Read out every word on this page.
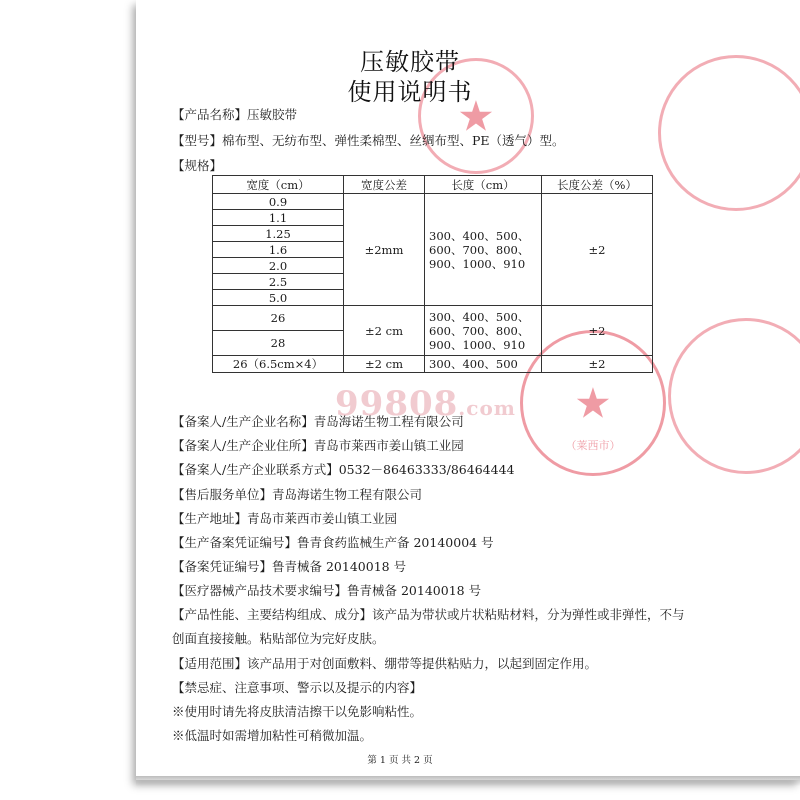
★
★
（莱西市）
压敏胶带
使用说明书
【产品名称】压敏胶带
【型号】棉布型、无纺布型、弹性柔棉型、丝绸布型、PE（透气）型。
【规格】
宽度（cm）	宽度公差	长度（cm）	长度公差（%）
0.9	±2mm	300、400、500、600、700、800、900、1000、910	±2
1.1			
1.25			
1.6			
2.0			
2.5			
5.0			
26	±2 cm	300、400、500、600、700、800、900、1000、910	±2
28			
26（6.5cm×4）	±2 cm	300、400、500	±2
99808.com
【备案人/生产企业名称】青岛海诺生物工程有限公司
【备案人/生产企业住所】青岛市莱西市姜山镇工业园
【备案人/生产企业联系方式】0532－86463333/86464444
【售后服务单位】青岛海诺生物工程有限公司
【生产地址】青岛市莱西市姜山镇工业园
【生产备案凭证编号】鲁青食药监械生产备 20140004 号
【备案凭证编号】鲁青械备 20140018 号
【医疗器械产品技术要求编号】鲁青械备 20140018 号
【产品性能、主要结构组成、成分】该产品为带状或片状粘贴材料，分为弹性或非弹性，不与
创面直接接触。粘贴部位为完好皮肤。
【适用范围】该产品用于对创面敷料、绷带等提供粘贴力，以起到固定作用。
【禁忌症、注意事项、警示以及提示的内容】
※使用时请先将皮肤清洁擦干以免影响粘性。
※低温时如需增加粘性可稍微加温。
第 1 页 共 2 页
